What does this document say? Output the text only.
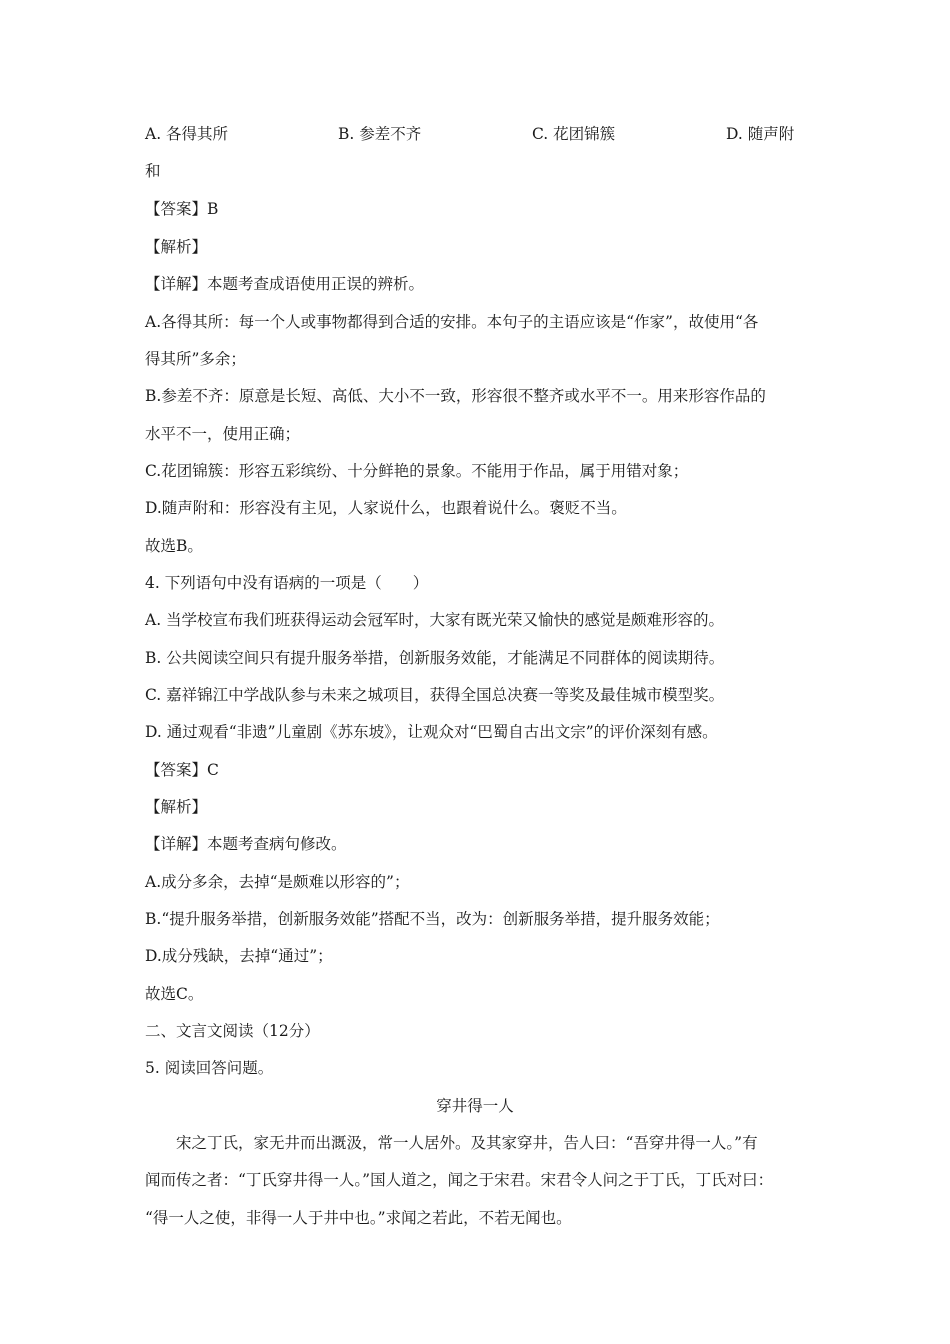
A. 各得其所	B. 参差不齐	C. 花团锦簇	D. 随声附
和
【答案】B
【解析】
【详解】本题考查成语使用正误的辨析。
A.各得其所：每一个人或事物都得到合适的安排。本句子的主语应该是“作家”，故使用“各
得其所”多余；
B.参差不齐：原意是长短、高低、大小不一致，形容很不整齐或水平不一。用来形容作品的
水平不一，使用正确；
C.花团锦簇：形容五彩缤纷、十分鲜艳的景象。不能用于作品，属于用错对象；
D.随声附和：形容没有主见，人家说什么，也跟着说什么。褒贬不当。
故选B。
4. 下列语句中没有语病的一项是（　　）
A. 当学校宣布我们班获得运动会冠军时，大家有既光荣又愉快的感觉是颇难形容的。
B. 公共阅读空间只有提升服务举措，创新服务效能，才能满足不同群体的阅读期待。
C. 嘉祥锦江中学战队参与未来之城项目，获得全国总决赛一等奖及最佳城市模型奖。
D. 通过观看“非遗”儿童剧《苏东坡》，让观众对“巴蜀自古出文宗”的评价深刻有感。
【答案】C
【解析】
【详解】本题考查病句修改。
A.成分多余，去掉“是颇难以形容的”；
B.“提升服务举措，创新服务效能”搭配不当，改为：创新服务举措，提升服务效能；
D.成分残缺，去掉“通过”；
故选C。
二、文言文阅读（12分）
5. 阅读回答问题。
穿井得一人
宋之丁氏，家无井而出溉汲，常一人居外。及其家穿井，告人曰：“吾穿井得一人。”有
闻而传之者：“丁氏穿井得一人。”国人道之，闻之于宋君。宋君令人问之于丁氏，丁氏对曰：
“得一人之使，非得一人于井中也。”求闻之若此，不若无闻也。
